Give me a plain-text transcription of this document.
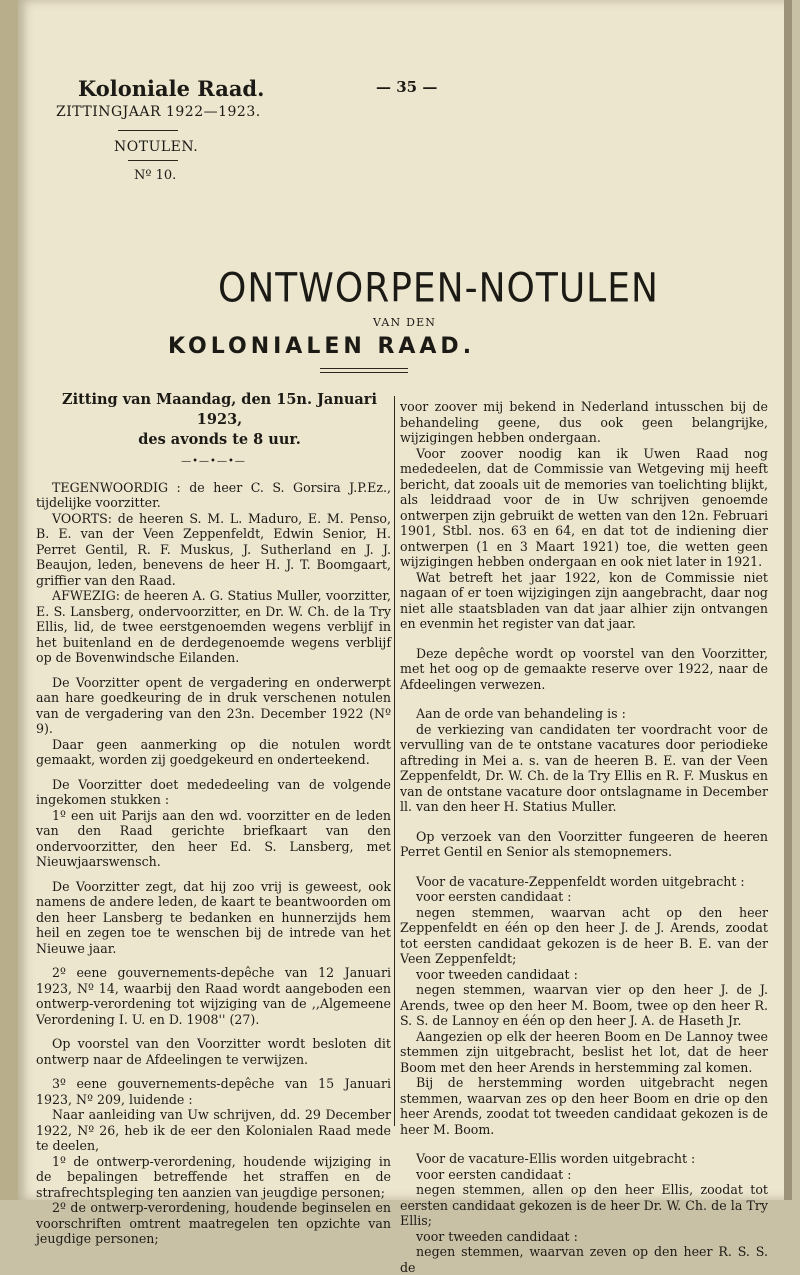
Koloniale Raad.	— 35 —
ZITTINGJAAR 1922—1923.
NOTULEN.
Nº 10.
ONTWORPEN-NOTULEN
VAN DEN
KOLONIALEN RAAD.
Zitting van Maandag, den 15n. Januari 1923,
des avonds te 8 uur.
—•—•—•—

TEGENWOORDIG : de heer C. S. Gorsira J.P.Ez., tijdelijke voorzitter.

VOORTS: de heeren S. M. L. Maduro, E. M. Penso, B. E. van der Veen Zeppenfeldt, Edwin Senior, H. Perret Gentil, R. F. Muskus, J. Sutherland en J. J. Beaujon, leden, benevens de heer H. J. T. Boomgaart, griffier van den Raad.

AFWEZIG: de heeren A. G. Statius Muller, voorzitter, E. S. Lansberg, ondervoorzitter, en Dr. W. Ch. de la Try Ellis, lid, de twee eerstgenoemden wegens verblijf in het buitenland en de derdegenoemde wegens verblijf op de Bovenwindsche Eilanden.

De Voorzitter opent de vergadering en onderwerpt aan hare goedkeuring de in druk verschenen notulen van de vergadering van den 23n. December 1922 (Nº 9).

Daar geen aanmerking op die notulen wordt gemaakt, worden zij goedgekeurd en onderteekend.

De Voorzitter doet mededeeling van de volgende ingekomen stukken :

1º een uit Parijs aan den wd. voorzitter en de leden van den Raad gerichte briefkaart van den ondervoorzitter, den heer Ed. S. Lansberg, met Nieuwjaarswensch.

De Voorzitter zegt, dat hij zoo vrij is geweest, ook namens de andere leden, de kaart te beantwoorden om den heer Lansberg te bedanken en hunnerzijds hem heil en zegen toe te wenschen bij de intrede van het Nieuwe jaar.

2º eene gouvernements-depêche van 12 Januari 1923, Nº 14, waarbij den Raad wordt aangeboden een ontwerp-verordening tot wijziging van de ,,Algemeene Verordening I. U. en D. 1908'' (27).

Op voorstel van den Voorzitter wordt besloten dit ontwerp naar de Afdeelingen te verwijzen.

3º eene gouvernements-depêche van 15 Januari 1923, Nº 209, luidende :

Naar aanleiding van Uw schrijven, dd. 29 December 1922, Nº 26, heb ik de eer den Kolonialen Raad mede te deelen,

1º de ontwerp-verordening, houdende wijziging in de bepalingen betreffende het straffen en de strafrechtspleging ten aanzien van jeugdige personen;

2º de ontwerp-verordening, houdende beginselen en voorschriften omtrent maatregelen ten opzichte van jeugdige personen;

voor zoover mij bekend in Nederland intusschen bij de behandeling geene, dus ook geen belangrijke, wijzigingen hebben ondergaan.

Voor zoover noodig kan ik Uwen Raad nog mededeelen, dat de Commissie van Wetgeving mij heeft bericht, dat zooals uit de memories van toelichting blijkt, als leiddraad voor de in Uw schrijven genoemde ontwerpen zijn gebruikt de wetten van den 12n. Februari 1901, Stbl. nos. 63 en 64, en dat tot de indiening dier ontwerpen (1 en 3 Maart 1921) toe, die wetten geen wijzigingen hebben ondergaan en ook niet later in 1921.

Wat betreft het jaar 1922, kon de Commissie niet nagaan of er toen wijzigingen zijn aangebracht, daar nog niet alle staatsbladen van dat jaar alhier zijn ontvangen en evenmin het register van dat jaar.

Deze depêche wordt op voorstel van den Voorzitter, met het oog op de gemaakte reserve over 1922, naar de Afdeelingen verwezen.

Aan de orde van behandeling is :

de verkiezing van candidaten ter voordracht voor de vervulling van de te ontstane vacatures door periodieke aftreding in Mei a. s. van de heeren B. E. van der Veen Zeppenfeldt, Dr. W. Ch. de la Try Ellis en R. F. Muskus en van de ontstane vacature door ontslagname in December ll. van den heer H. Statius Muller.

Op verzoek van den Voorzitter fungeeren de heeren Perret Gentil en Senior als stemopnemers.

Voor de vacature-Zeppenfeldt worden uitgebracht :

voor eersten candidaat :

negen stemmen, waarvan acht op den heer Zeppenfeldt en één op den heer J. de J. Arends, zoodat tot eersten candidaat gekozen is de heer B. E. van der Veen Zeppenfeldt;

voor tweeden candidaat :

negen stemmen, waarvan vier op den heer J. de J. Arends, twee op den heer M. Boom, twee op den heer R. S. S. de Lannoy en één op den heer J. A. de Haseth Jr.

Aangezien op elk der heeren Boom en De Lannoy twee stemmen zijn uitgebracht, beslist het lot, dat de heer Boom met den heer Arends in herstemming zal komen.

Bij de herstemming worden uitgebracht negen stemmen, waarvan zes op den heer Boom en drie op den heer Arends, zoodat tot tweeden candidaat gekozen is de heer M. Boom.

Voor de vacature-Ellis worden uitgebracht :

voor eersten candidaat :

negen stemmen, allen op den heer Ellis, zoodat tot eersten candidaat gekozen is de heer Dr. W. Ch. de la Try Ellis;

voor tweeden candidaat :

negen stemmen, waarvan zeven op den heer R. S. S. de
